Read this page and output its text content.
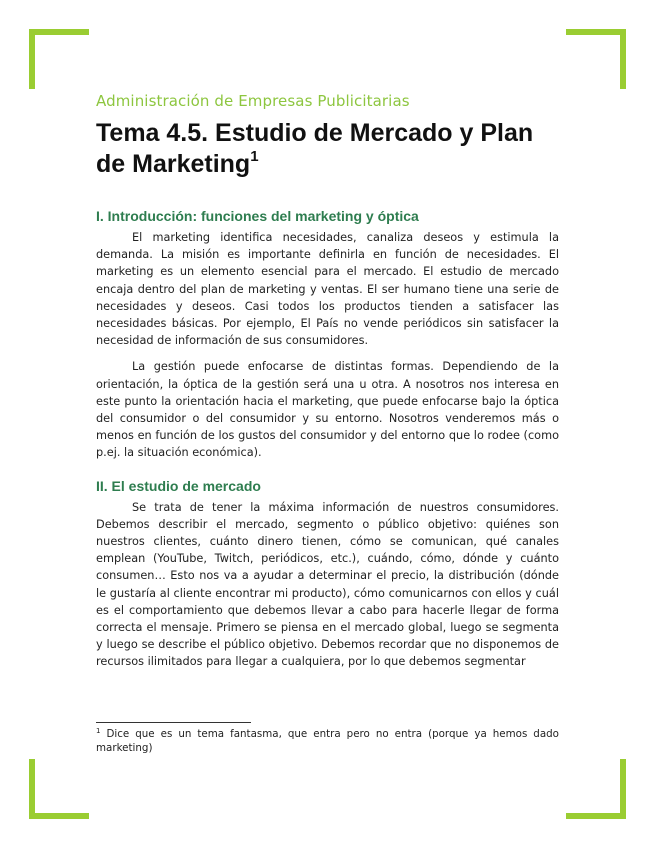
Administración de Empresas Publicitarias
Tema 4.5. Estudio de Mercado y Plan de Marketing$^1$
I. Introducción: funciones del marketing y óptica

El marketing identifica necesidades, canaliza deseos y estimula la demanda. La misión es importante definirla en función de necesidades. El marketing es un elemento esencial para el mercado. El estudio de mercado encaja dentro del plan de marketing y ventas. El ser humano tiene una serie de necesidades y deseos. Casi todos los productos tienden a satisfacer las necesidades básicas. Por ejemplo, El País no vende periódicos sin satisfacer la necesidad de información de sus consumidores.

La gestión puede enfocarse de distintas formas. Dependiendo de la orientación, la óptica de la gestión será una u otra. A nosotros nos interesa en este punto la orientación hacia el marketing, que puede enfocarse bajo la óptica del consumidor o del consumidor y su entorno. Nosotros venderemos más o menos en función de los gustos del consumidor y del entorno que lo rodee (como p.ej. la situación económica).

II. El estudio de mercado

Se trata de tener la máxima información de nuestros consumidores. Debemos describir el mercado, segmento o público objetivo: quiénes son nuestros clientes, cuánto dinero tienen, cómo se comunican, qué canales emplean (YouTube, Twitch, periódicos, etc.), cuándo, cómo, dónde y cuánto consumen… Esto nos va a ayudar a determinar el precio, la distribución (dónde le gustaría al cliente encontrar mi producto), cómo comunicarnos con ellos y cuál es el comportamiento que debemos llevar a cabo para hacerle llegar de forma correcta el mensaje. Primero se piensa en el mercado global, luego se segmenta y luego se describe el público objetivo. Debemos recordar que no disponemos de recursos ilimitados para llegar a cualquiera, por lo que debemos segmentar

$^1$ Dice que es un tema fantasma, que entra pero no entra (porque ya hemos dado marketing)
